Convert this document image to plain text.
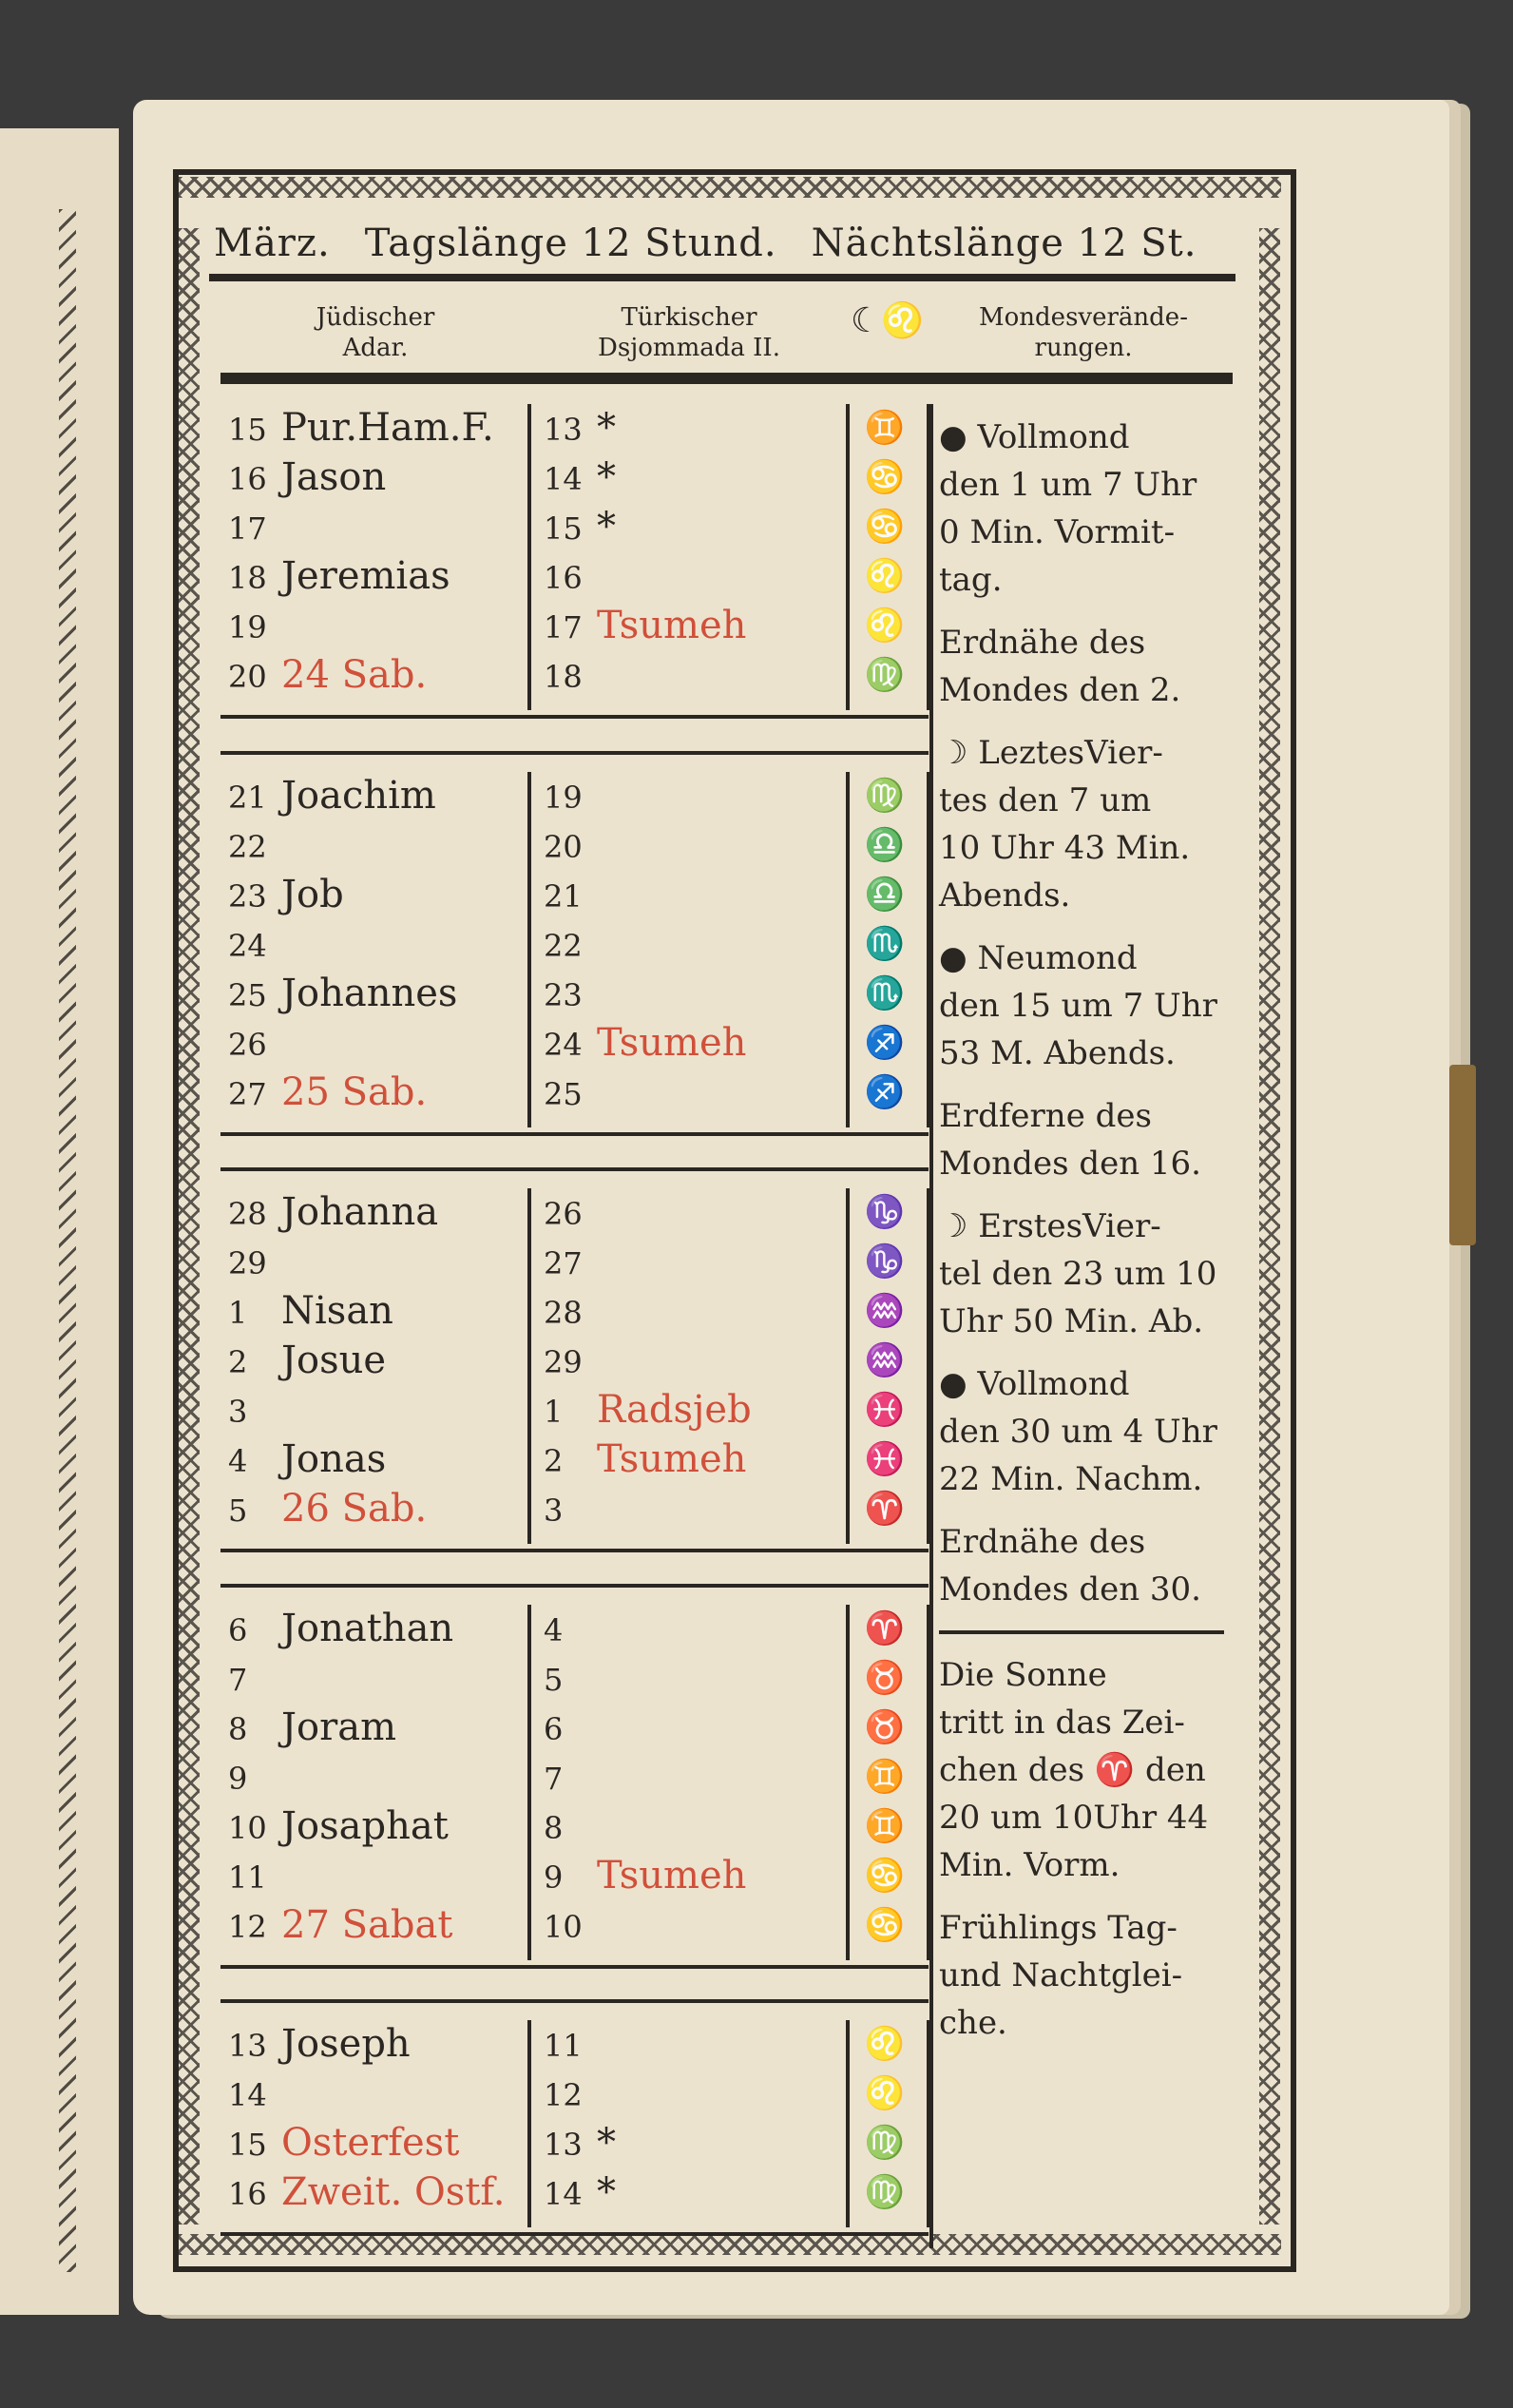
März. Tagslänge 12 Stund. Nächtslänge 12 St.
Jüdischer
Adar.
Türkischer
Dsjommada II.
☾♌	Mondesverände-
rungen.
15 Pur.Ham.F. 13 *	♊
16 Jason	14 *	♋
17	15 *	♋
18 Jeremias	16	♌
19	17 Tsumeh	♌
20 24 Sab.	18	♍
21 Joachim	19	♍
22	20	♎
23 Job	21	♎
24	22	♏
25 Johannes	23	♏
26	24 Tsumeh	♐
27 25 Sab.	25	♐
28 Johanna	26	♑
29	27	♑
1 Nisan	28	♒
2 Josue	29	♒
3	1 Radsjeb	♓
4 Jonas	2 Tsumeh	♓
5 26 Sab.	3	♈
6 Jonathan	4	♈
7	5	♉
8 Joram	6	♉
9	7	♊
10 Josaphat	8	♊
11	9 Tsumeh	♋
12 27 Sabat	10	♋
13 Joseph	11	♌
14	12	♌
15 Osterfest	13 *	♍
16 Zweit. Ostf. 14 *	♍
● Vollmond
den 1 um 7 Uhr
0 Min. Vormit-
tag.
Erdnähe des
Mondes den 2.
☽ LeztesVier-
tes den 7 um
10 Uhr 43 Min.
Abends.
● Neumond
den 15 um 7 Uhr
53 M. Abends.
Erdferne des
Mondes den 16.
☽ ErstesVier-
tel den 23 um 10
Uhr 50 Min. Ab.
● Vollmond
den 30 um 4 Uhr
22 Min. Nachm.
Erdnähe des
Mondes den 30.
Die Sonne
tritt in das Zei-
chen des ♈ den
20 um 10Uhr 44
Min. Vorm.
Frühlings Tag-
und Nachtglei-
che.
